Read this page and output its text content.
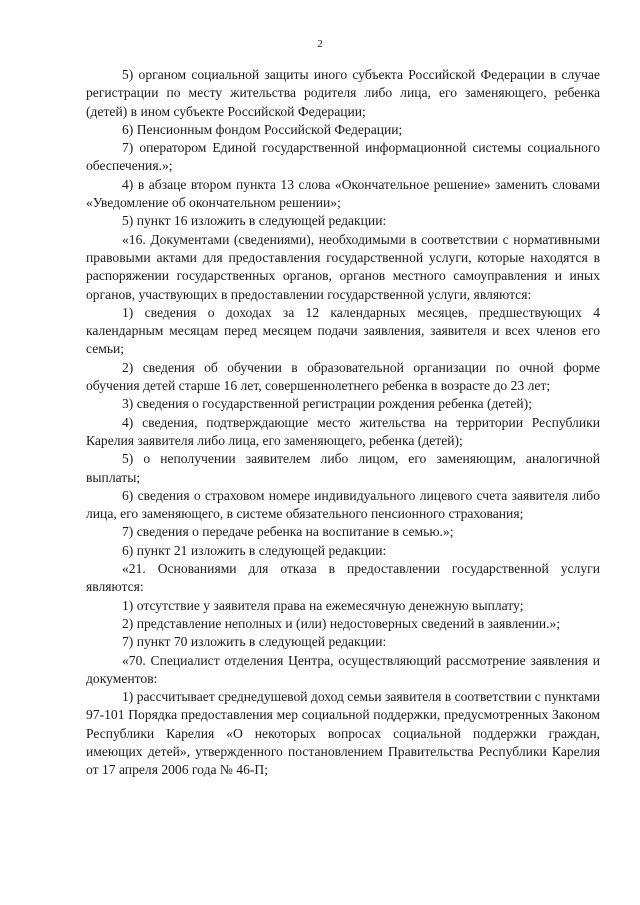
2

5) органом социальной защиты иного субъекта Российской Федерации в случае регистрации по месту жительства родителя либо лица, его заменяющего, ребенка (детей) в ином субъекте Российской Федерации;

6) Пенсионным фондом Российской Федерации;

7) оператором Единой государственной информационной системы социального обеспечения.»;

4) в абзаце втором пункта 13 слова «Окончательное решение» заменить словами «Уведомление об окончательном решении»;

5) пункт 16 изложить в следующей редакции:

«16. Документами (сведениями), необходимыми в соответствии с нормативными правовыми актами для предоставления государственной услуги, которые находятся в распоряжении государственных органов, органов местного самоуправления и иных органов, участвующих в предоставлении государственной услуги, являются:

1) сведения о доходах за 12 календарных месяцев, предшествующих 4 календарным месяцам перед месяцем подачи заявления, заявителя и всех членов его семьи;

2) сведения об обучении в образовательной организации по очной форме обучения детей старше 16 лет, совершеннолетнего ребенка в возрасте до 23 лет;

3) сведения о государственной регистрации рождения ребенка (детей);

4) сведения, подтверждающие место жительства на территории Республики Карелия заявителя либо лица, его заменяющего, ребенка (детей);

5) о неполучении заявителем либо лицом, его заменяющим, аналогичной выплаты;

6) сведения о страховом номере индивидуального лицевого счета заявителя либо лица, его заменяющего, в системе обязательного пенсионного страхования;

7) сведения о передаче ребенка на воспитание в семью.»;

6) пункт 21 изложить в следующей редакции:

«21. Основаниями для отказа в предоставлении государственной услуги являются:

1) отсутствие у заявителя права на ежемесячную денежную выплату;

2) представление неполных и (или) недостоверных сведений в заявлении.»;

7) пункт 70 изложить в следующей редакции:

«70. Специалист отделения Центра, осуществляющий рассмотрение заявления и документов:

1) рассчитывает среднедушевой доход семьи заявителя в соответствии с пунктами 97-101 Порядка предоставления мер социальной поддержки, предусмотренных Законом Республики Карелия «О некоторых вопросах социальной поддержки граждан, имеющих детей», утвержденного постановлением Правительства Республики Карелия от 17 апреля 2006 года № 46-П;
